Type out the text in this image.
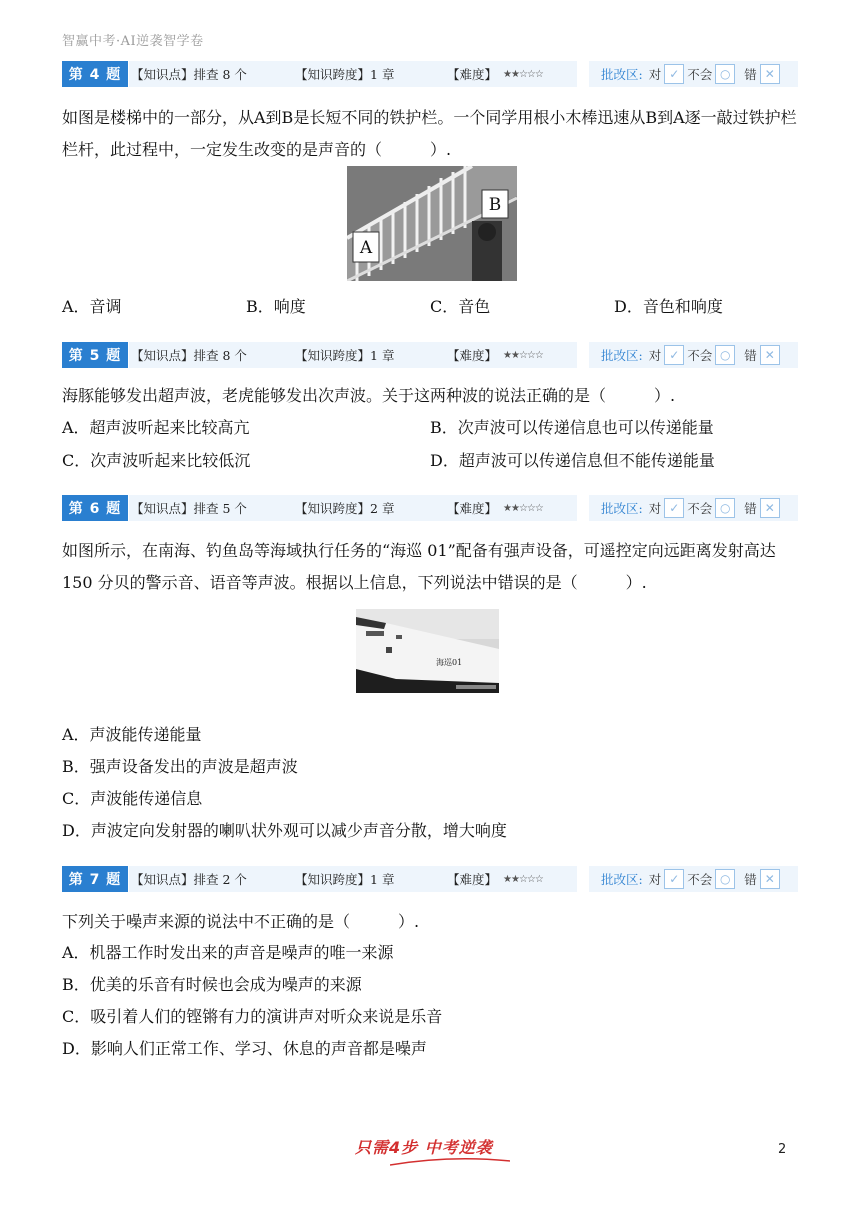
智赢中考·AI逆袭智学卷
第 4 题 【知识点】排查 8 个	【知识跨度】1 章	【难度】 ★★☆☆☆	批改区: 对 ✓ 不会 ○	错 ✕
如图是楼梯中的一部分，从A到B是长短不同的铁护栏。一个同学用根小木棒迅速从B到A逐一敲过铁护栏栏杆，此过程中，一定发生改变的是声音的（　　　）.
B
A
A．音调	B．响度	C．音色	D．音色和响度
第 5 题 【知识点】排查 8 个	【知识跨度】1 章	【难度】 ★★☆☆☆	批改区: 对 ✓ 不会 ○	错 ✕
海豚能够发出超声波，老虎能够发出次声波。关于这两种波的说法正确的是（　　　）.
A．超声波听起来比较高亢	B．次声波可以传递信息也可以传递能量
C．次声波听起来比较低沉	D．超声波可以传递信息但不能传递能量
第 6 题 【知识点】排查 5 个	【知识跨度】2 章	【难度】 ★★☆☆☆	批改区: 对 ✓ 不会 ○	错 ✕
如图所示，在南海、钓鱼岛等海域执行任务的“海巡 01”配备有强声设备，可遥控定向远距离发射高达 150 分贝的警示音、语音等声波。根据以上信息，下列说法中错误的是（　　　）.
海巡01
A．声波能传递能量
B．强声设备发出的声波是超声波
C．声波能传递信息
D．声波定向发射器的喇叭状外观可以减少声音分散，增大响度
第 7 题 【知识点】排查 2 个	【知识跨度】1 章	【难度】 ★★☆☆☆	批改区: 对 ✓ 不会 ○	错 ✕
下列关于噪声来源的说法中不正确的是（　　　）.
A．机器工作时发出来的声音是噪声的唯一来源
B．优美的乐音有时候也会成为噪声的来源
C．吸引着人们的铿锵有力的演讲声对听众来说是乐音
D．影响人们正常工作、学习、休息的声音都是噪声
只需4步 中考逆袭	2
